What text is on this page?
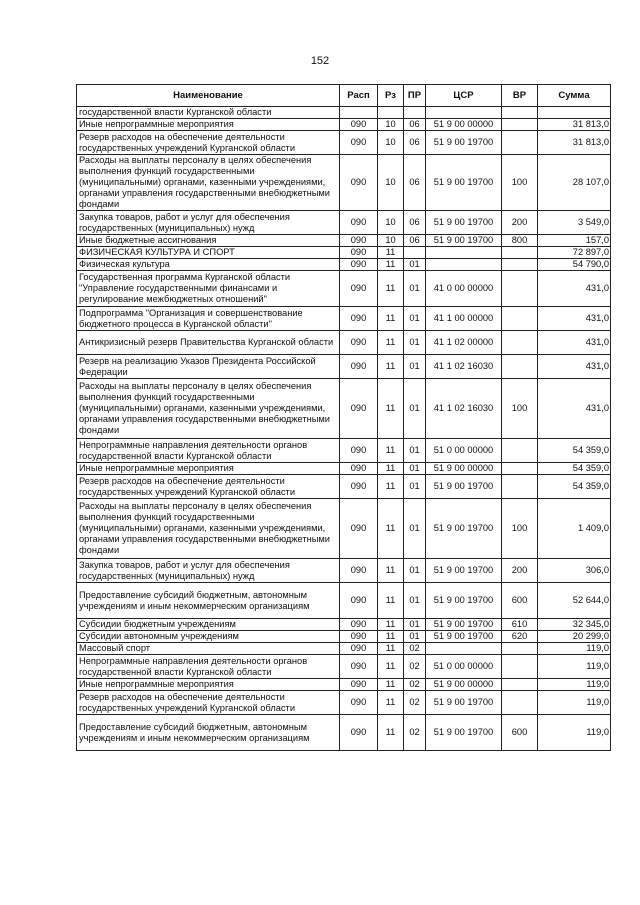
152
Наименование	Расп	Рз	ПР	ЦСР	ВР	Сумма
государственной власти Курганской области						
Иные непрограммные мероприятия	090	10	06	51 9 00 00000		31 813,0
Резерв расходов на обеспечение деятельности государственных учреждений Курганской области	090	10	06	51 9 00 19700		31 813,0
Расходы на выплаты персоналу в целях обеспечения выполнения функций государственными (муниципальными) органами, казенными учреждениями, органами управления государственными внебюджетными фондами	090	10	06	51 9 00 19700	100	28 107,0
Закупка товаров, работ и услуг для обеспечения государственных (муниципальных) нужд	090	10	06	51 9 00 19700	200	3 549,0
Иные бюджетные ассигнования	090	10	06	51 9 00 19700	800	157,0
ФИЗИЧЕСКАЯ КУЛЬТУРА И СПОРТ	090	11				72 897,0
Физическая культура	090	11	01			54 790,0
Государственная программа Курганской области "Управление государственными финансами и регулирование межбюджетных отношений"	090	11	01	41 0 00 00000		431,0
Подпрограмма "Организация и совершенствование бюджетного процесса в Курганской области"	090	11	01	41 1 00 00000		431,0
Антикризисный резерв Правительства Курганской области	090	11	01	41 1 02 00000		431,0
Резерв на реализацию Указов Президента Российской Федерации	090	11	01	41 1 02 16030		431,0
Расходы на выплаты персоналу в целях обеспечения выполнения функций государственными (муниципальными) органами, казенными учреждениями, органами управления государственными внебюджетными фондами	090	11	01	41 1 02 16030	100	431,0
Непрограммные направления деятельности органов государственной власти Курганской области	090	11	01	51 0 00 00000		54 359,0
Иные непрограммные мероприятия	090	11	01	51 9 00 00000		54 359,0
Резерв расходов на обеспечение деятельности государственных учреждений Курганской области	090	11	01	51 9 00 19700		54 359,0
Расходы на выплаты персоналу в целях обеспечения выполнения функций государственными (муниципальными) органами, казенными учреждениями, органами управления государственными внебюджетными фондами	090	11	01	51 9 00 19700	100	1 409,0
Закупка товаров, работ и услуг для обеспечения государственных (муниципальных) нужд	090	11	01	51 9 00 19700	200	306,0
Предоставление субсидий бюджетным, автономным учреждениям и иным некоммерческим организациям	090	11	01	51 9 00 19700	600	52 644,0
Субсидии бюджетным учреждениям	090	11	01	51 9 00 19700	610	32 345,0
Субсидии автономным учреждениям	090	11	01	51 9 00 19700	620	20 299,0
Массовый спорт	090	11	02			119,0
Непрограммные направления деятельности органов государственной власти Курганской области	090	11	02	51 0 00 00000		119,0
Иные непрограммные мероприятия	090	11	02	51 9 00 00000		119,0
Резерв расходов на обеспечение деятельности государственных учреждений Курганской области	090	11	02	51 9 00 19700		119,0
Предоставление субсидий бюджетным, автономным учреждениям и иным некоммерческим организациям	090	11	02	51 9 00 19700	600	119,0
